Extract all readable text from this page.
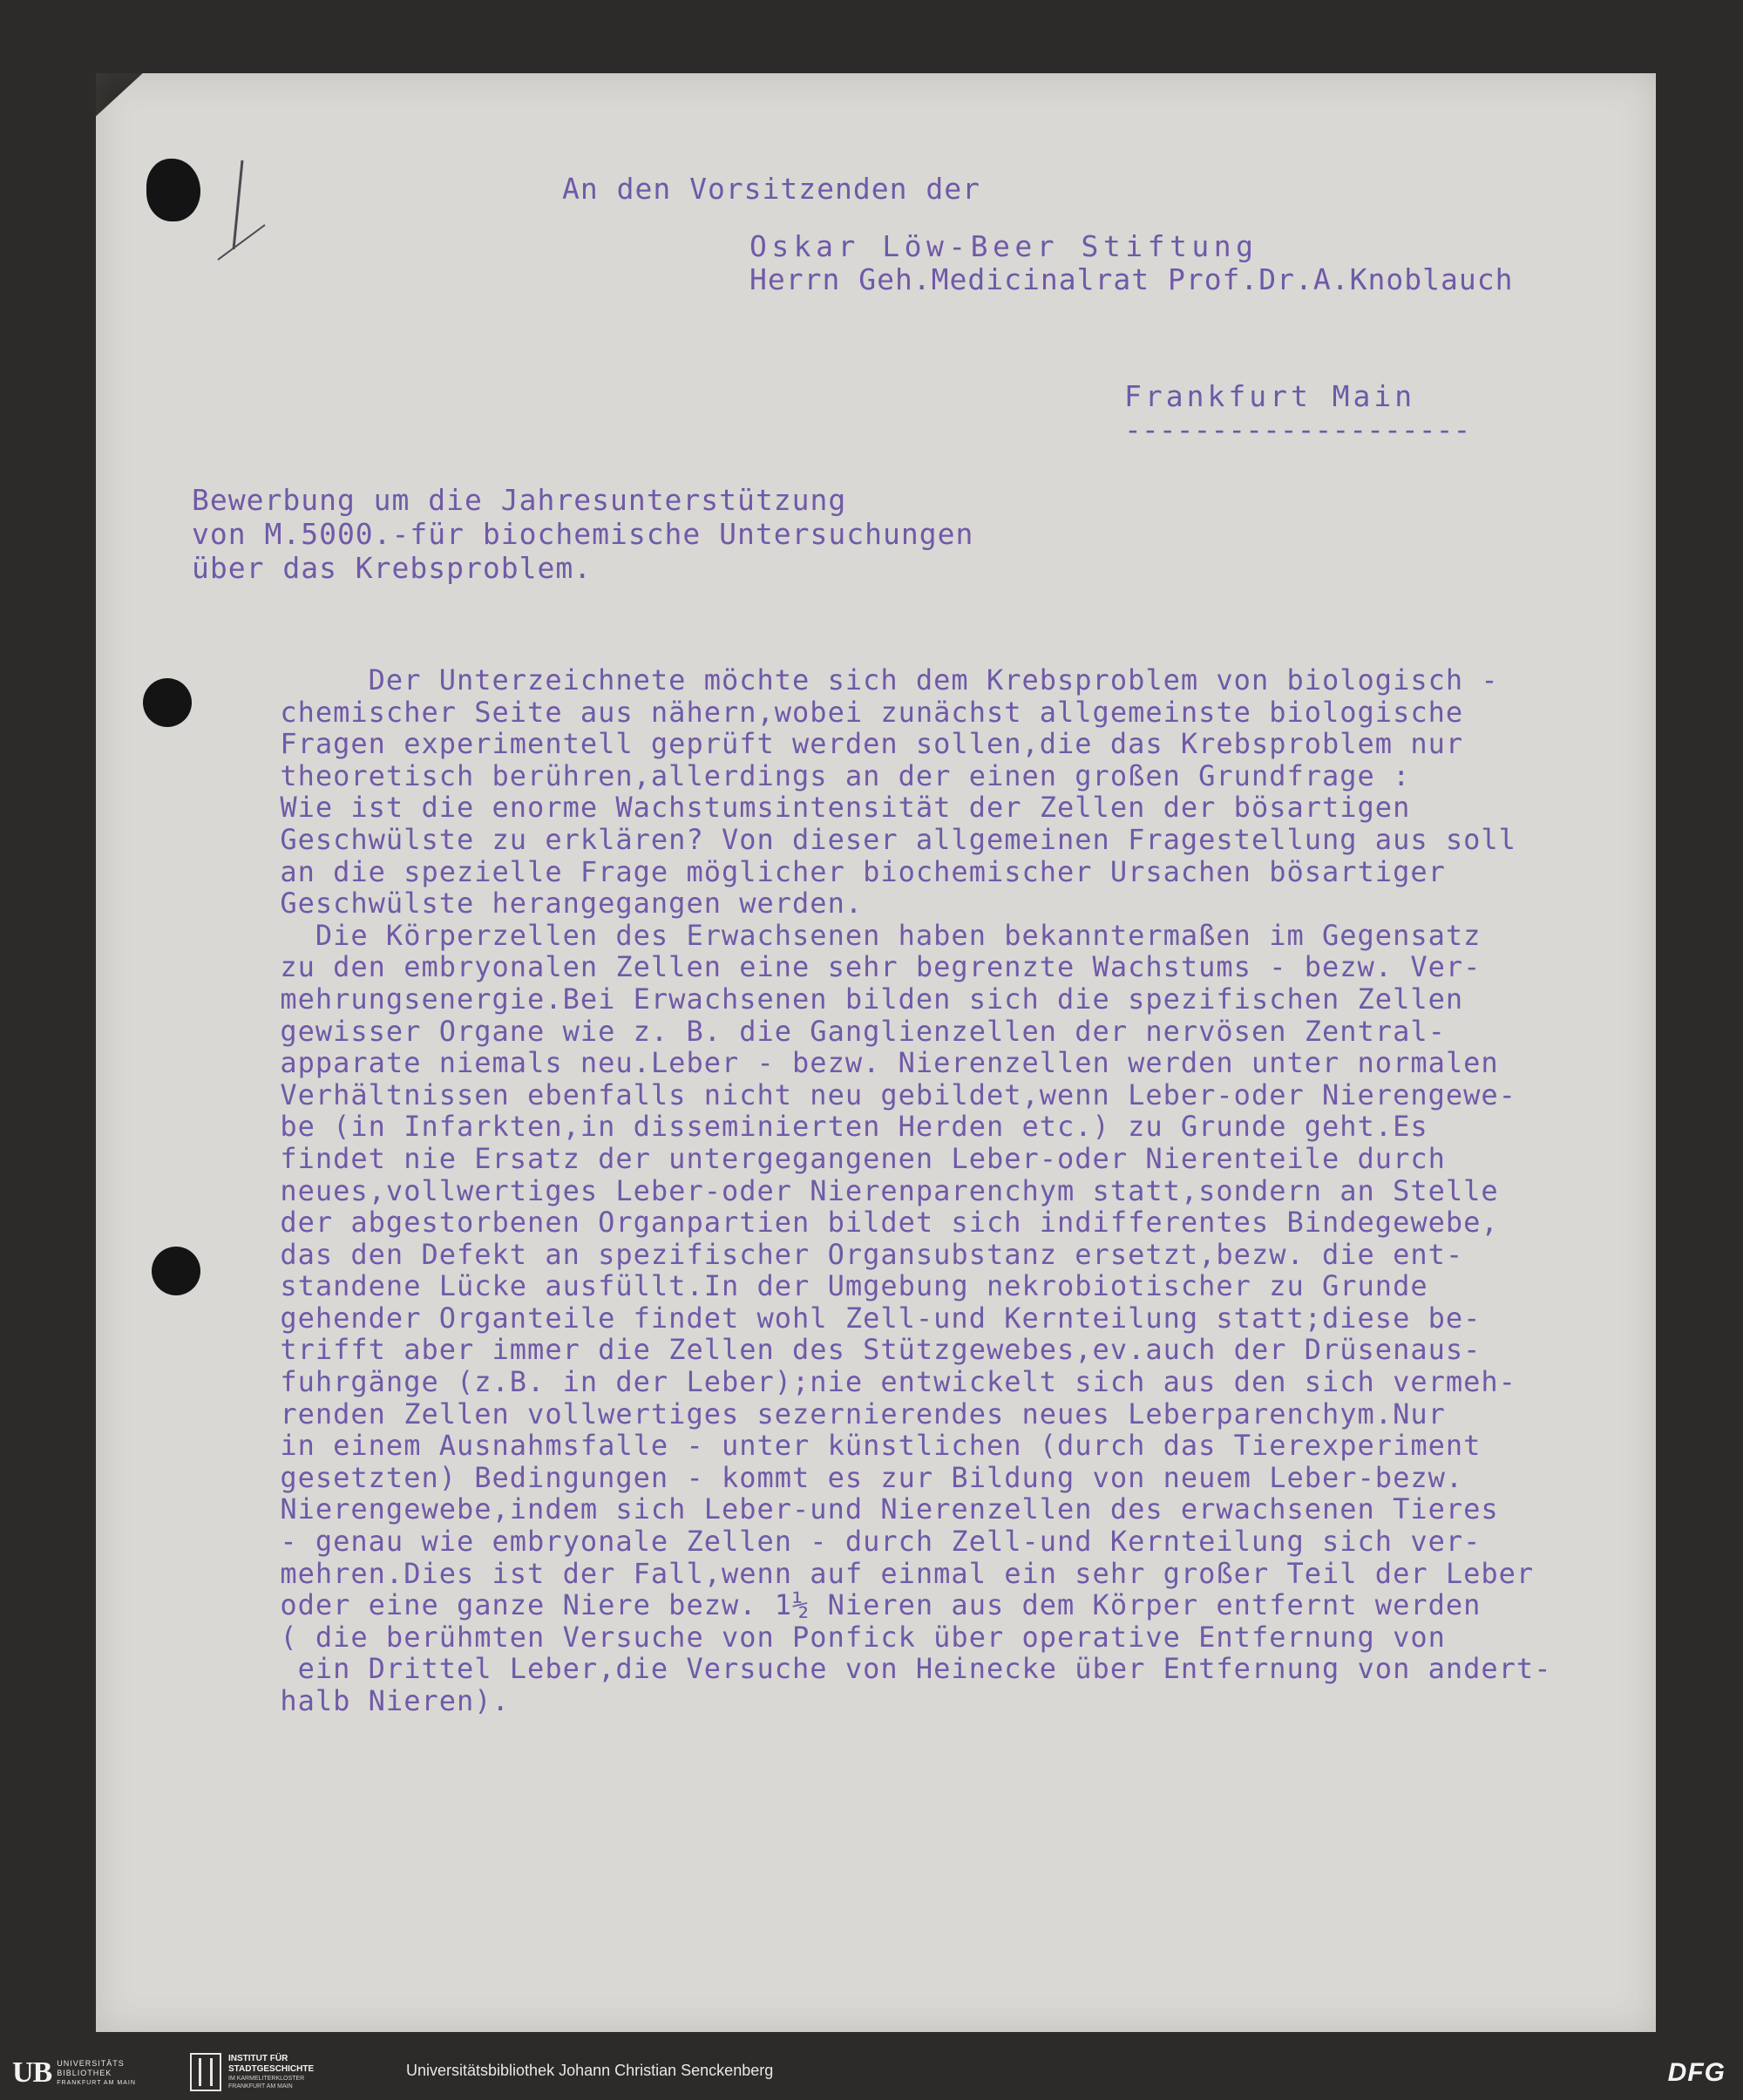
An den Vorsitzenden der
Oskar Löw-Beer Stiftung
Herrn Geh.Medicinalrat Prof.Dr.A.Knoblauch
Frankfurt Main
--------------------
Bewerbung um die Jahresunterstützung
von M.5000.-für biochemische Untersuchungen
über das Krebsproblem.
Der Unterzeichnete möchte sich dem Krebsproblem von biologisch -
chemischer Seite aus nähern,wobei zunächst allgemeinste biologische
Fragen experimentell geprüft werden sollen,die das Krebsproblem nur
theoretisch berühren,allerdings an der einen großen Grundfrage :
Wie ist die enorme Wachstumsintensität der Zellen der bösartigen
Geschwülste zu erklären? Von dieser allgemeinen Fragestellung aus soll
an die spezielle Frage möglicher biochemischer Ursachen bösartiger
Geschwülste herangegangen werden.
Die Körperzellen des Erwachsenen haben bekanntermaßen im Gegensatz
zu den embryonalen Zellen eine sehr begrenzte Wachstums - bezw. Ver-
mehrungsenergie.Bei Erwachsenen bilden sich die spezifischen Zellen
gewisser Organe wie z. B. die Ganglienzellen der nervösen Zentral-
apparate niemals neu.Leber - bezw. Nierenzellen werden unter normalen
Verhältnissen ebenfalls nicht neu gebildet,wenn Leber-oder Nierengewe-
be (in Infarkten,in disseminierten Herden etc.) zu Grunde geht.Es
findet nie Ersatz der untergegangenen Leber-oder Nierenteile durch
neues,vollwertiges Leber-oder Nierenparenchym statt,sondern an Stelle
der abgestorbenen Organpartien bildet sich indifferentes Bindegewebe,
das den Defekt an spezifischer Organsubstanz ersetzt,bezw. die ent-
standene Lücke ausfüllt.In der Umgebung nekrobiotischer zu Grunde
gehender Organteile findet wohl Zell-und Kernteilung statt;diese be-
trifft aber immer die Zellen des Stützgewebes,ev.auch der Drüsenaus-
fuhrgänge (z.B. in der Leber);nie entwickelt sich aus den sich vermeh-
renden Zellen vollwertiges sezernierendes neues Leberparenchym.Nur
in einem Ausnahmsfalle - unter künstlichen (durch das Tierexperiment
gesetzten) Bedingungen - kommt es zur Bildung von neuem Leber-bezw.
Nierengewebe,indem sich Leber-und Nierenzellen des erwachsenen Tieres
- genau wie embryonale Zellen - durch Zell-und Kernteilung sich ver-
mehren.Dies ist der Fall,wenn auf einmal ein sehr großer Teil der Leber
oder eine ganze Niere bezw. 1½ Nieren aus dem Körper entfernt werden
( die berühmten Versuche von Ponfick über operative Entfernung von
ein Drittel Leber,die Versuche von Heinecke über Entfernung von andert-
halb Nieren).
UB UNIVERSITÄTS
BIBLIOTHEK
FRANKFURT AM MAIN
INSTITUT FÜR
STADTGESCHICHTE
IM KARMELITERKLOSTER
FRANKFURT AM MAIN
Universitätsbibliothek Johann Christian Senckenberg	DFG
